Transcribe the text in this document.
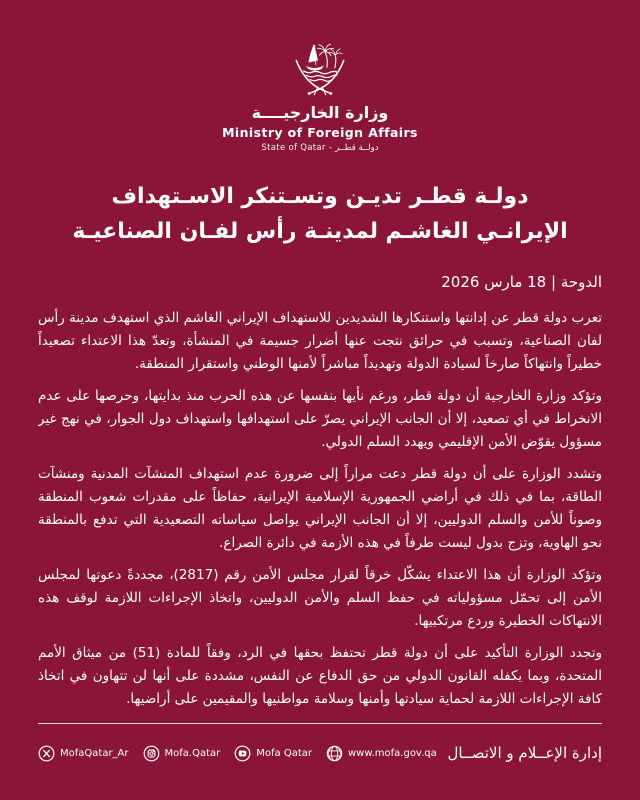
وزارة الخارجيــــة
Ministry of Foreign Affairs
State of Qatar - دولــة قطــر
دولـة قطـر تديـن وتسـتنكر الاسـتهداف الإيرانـي الغاشـم لمدينـة رأس لفـان الصناعيـة
الدوحة | 18 مارس 2026

تعرب دولة قطر عن إدانتها واستنكارها الشديدين للاستهداف الإيراني الغاشم الذي استهدف مدينة رأس لفان الصناعية، وتسبب في حرائق نتجت عنها أضرار جسيمة في المنشأة، وتعدّ هذا الاعتداء تصعيداً خطيراً وانتهاكاً صارخاً لسيادة الدولة وتهديداً مباشراً لأمنها الوطني واستقرار المنطقة.

وتؤكد وزارة الخارجية أن دولة قطر، ورغم نأيها بنفسها عن هذه الحرب منذ بدايتها، وحرصها على عدم الانخراط في أي تصعيد، إلا أن الجانب الإيراني يصرّ على استهدافها واستهداف دول الجوار، في نهج غير مسؤول يقوّض الأمن الإقليمي ويهدد السلم الدولي.

وتشدد الوزارة على أن دولة قطر دعت مراراً إلى ضرورة عدم استهداف المنشآت المدنية ومنشآت الطاقة، بما في ذلك في أراضي الجمهورية الإسلامية الإيرانية، حفاظاً على مقدرات شعوب المنطقة وصوناً للأمن والسلم الدوليين، إلا أن الجانب الإيراني يواصل سياساته التصعيدية التي تدفع بالمنطقة نحو الهاوية، وتزج بدول ليست طرفاً في هذه الأزمة في دائرة الصراع.

وتؤكد الوزارة أن هذا الاعتداء يشكّل خرقاً لقرار مجلس الأمن رقم (2817)، مجددةً دعوتها لمجلس الأمن إلى تحمّل مسؤولياته في حفظ السلم والأمن الدوليين، واتخاذ الإجراءات اللازمة لوقف هذه الانتهاكات الخطيرة وردع مرتكبيها.

وتجدد الوزارة التأكيد على أن دولة قطر تحتفظ بحقها في الرد، وفقاً للمادة (51) من ميثاق الأمم المتحدة، وبما يكفله القانون الدولي من حق الدفاع عن النفس، مشددة على أنها لن تتهاون في اتخاذ كافة الإجراءات اللازمة لحماية سيادتها وأمنها وسلامة مواطنيها والمقيمين على أراضيها.

MofaQatar_Ar	Mofa.Qatar	Mofa Qatar	www.mofa.gov.qa إدارة الإعــلام و الاتصــال
